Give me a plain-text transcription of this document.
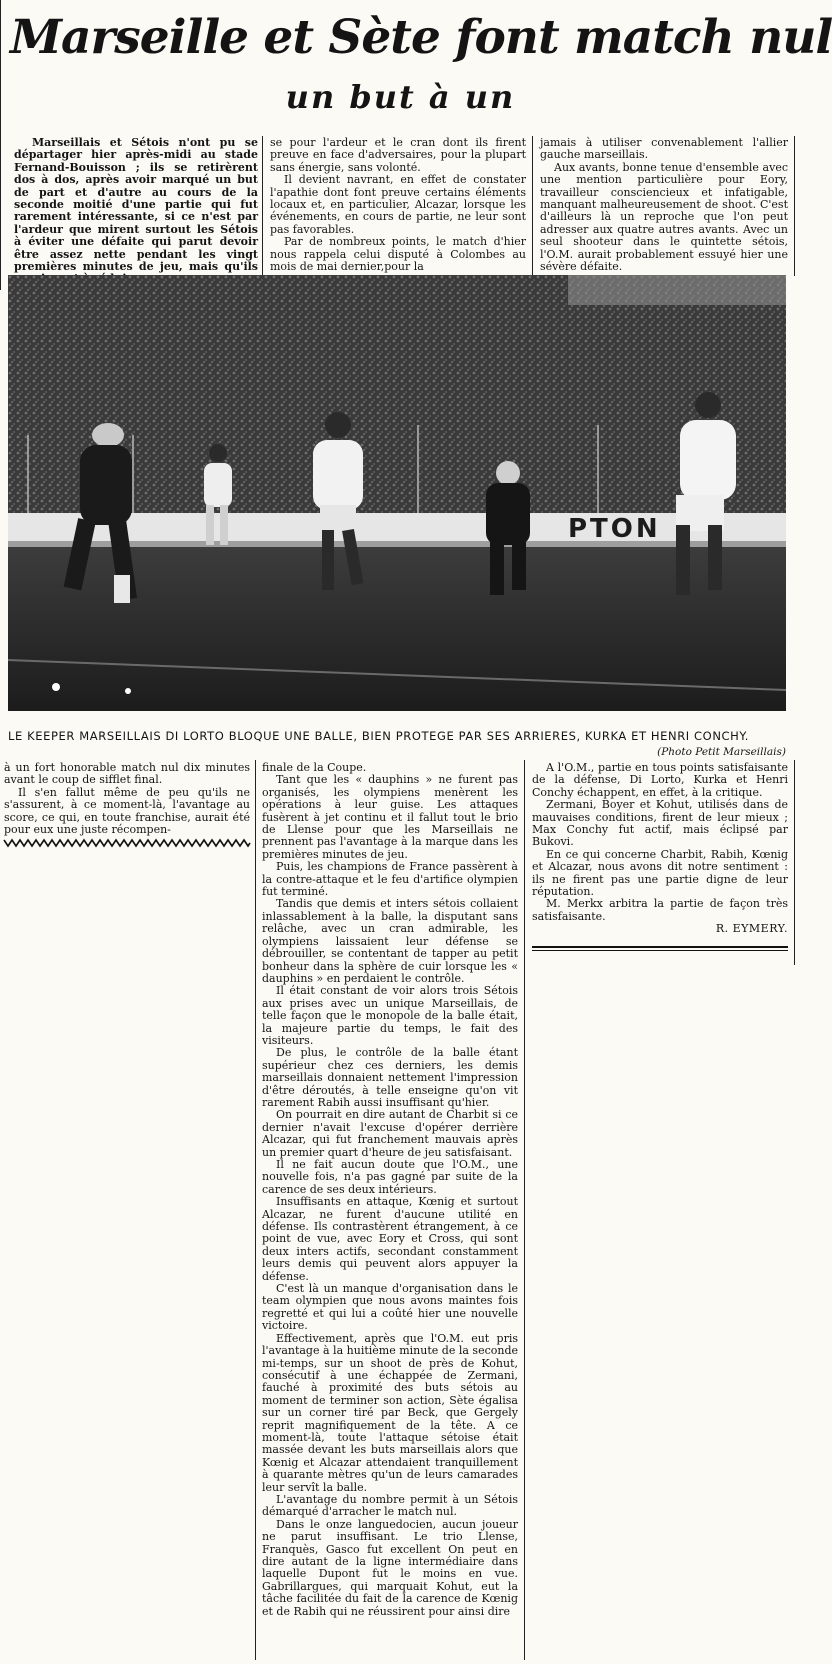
Marseille et Sète font match nul
un but à un

Marseillais et Sétois n'ont pu se départager hier après-midi au stade Fernand-Bouisson ; ils se retirèrent dos à dos, après avoir marqué un but de part et d'autre au cours de la seconde moitié d'une partie qui fut rarement intéressante, si ce n'est par l'ardeur que mirent surtout les Sétois à éviter une défaite qui parut devoir être assez nette pendant les vingt premières minutes de jeu, mais qu'ils

se pour l'ardeur et le cran dont ils firent preuve en face d'adversaires, pour la plupart sans énergie, sans volonté.

Il devient navrant, en effet de constater l'apathie dont font preuve certains éléments locaux et, en particulier, Alcazar, lorsque les événements, en cours de partie, ne leur sont pas favorables.

Par de nombreux points, le match d'hier nous rappela celui disputé à Colombes au mois de mai dernier,pour la

jamais à utiliser convenablement l'allier gauche marseillais.

Aux avants, bonne tenue d'ensemble avec une mention particulière pour Eory, travailleur consciencieux et infatigable, manquant malheureusement de shoot. C'est d'ailleurs là un reproche que l'on peut adresser aux quatre autres avants. Avec un seul shooteur dans le quintette sétois, l'O.M. aurait probablement essuyé hier une sévère défaite.

PTON

LE KEEPER MARSEILLAIS DI LORTO BLOQUE UNE BALLE, BIEN PROTEGE PAR SES ARRIERES, KURKA ET HENRI CONCHY.

(Photo Petit Marseillais)

à un fort honorable match nul dix minutes avant le coup de sifflet final.

Il s'en fallut même de peu qu'ils ne s'assurent, à ce moment-là, l'avantage au score, ce qui, en toute franchise, aurait été pour eux une juste récompen-

finale de la Coupe.

Tant que les « dauphins » ne furent pas organisés, les olympiens menèrent les opérations à leur guise. Les attaques fusèrent à jet continu et il fallut tout le brio de Llense pour que les Marseillais ne prennent pas l'avantage à la marque dans les premières minutes de jeu.

Puis, les champions de France passèrent à la contre-attaque et le feu d'artifice olympien fut terminé.

Tandis que demis et inters sétois collaient inlassablement à la balle, la disputant sans relâche, avec un cran admirable, les olympiens laissaient leur défense se débrouiller, se contentant de tapper au petit bonheur dans la sphère de cuir lorsque les « dauphins » en perdaient le contrôle.

Il était constant de voir alors trois Sétois aux prises avec un unique Marseillais, de telle façon que le monopole de la balle était, la majeure partie du temps, le fait des visiteurs.

De plus, le contrôle de la balle étant supérieur chez ces derniers, les demis marseillais donnaient nettement l'impression d'être déroutés, à telle enseigne qu'on vit rarement Rabih aussi insuffisant qu'hier.

On pourrait en dire autant de Charbit si ce dernier n'avait l'excuse d'opérer derrière Alcazar, qui fut franchement mauvais après un premier quart d'heure de jeu satisfaisant.

Il ne fait aucun doute que l'O.M., une nouvelle fois, n'a pas gagné par suite de la carence de ses deux intérieurs.

Insuffisants en attaque, Kœnig et surtout Alcazar, ne furent d'aucune utilité en défense. Ils contrastèrent étrangement, à ce point de vue, avec Eory et Cross, qui sont deux inters actifs, secondant constamment leurs demis qui peuvent alors appuyer la défense.

C'est là un manque d'organisation dans le team olympien que nous avons maintes fois regretté et qui lui a coûté hier une nouvelle victoire.

Effectivement, après que l'O.M. eut pris l'avantage à la huitième minute de la seconde mi-temps, sur un shoot de près de Kohut, consécutif à une échappée de Zermani, fauché à proximité des buts sétois au moment de terminer son action, Sète égalisa sur un corner tiré par Beck, que Gergely reprit magnifiquement de la tête. A ce moment-là, toute l'attaque sétoise était massée devant les buts marseillais alors que Kœnig et Alcazar attendaient tranquillement à quarante mètres qu'un de leurs camarades leur servît la balle.

L'avantage du nombre permit à un Sétois démarqué d'arracher le match nul.

Dans le onze languedocien, aucun joueur ne parut insuffisant. Le trio Llense, Franquès, Gasco fut excellent On peut en dire autant de la ligne intermédiaire dans laquelle Dupont fut le moins en vue. Gabrillargues, qui marquait Kohut, eut la tâche facilitée du fait de la carence de Kœnig et de Rabih qui ne réussirent pour ainsi dire

A l'O.M., partie en tous points satisfaisante de la défense, Di Lorto, Kurka et Henri Conchy échappent, en effet, à la critique.

Zermani, Boyer et Kohut, utilisés dans de mauvaises conditions, firent de leur mieux ; Max Conchy fut actif, mais éclipsé par Bukovi.

En ce qui concerne Charbit, Rabih, Kœnig et Alcazar, nous avons dit notre sentiment : ils ne firent pas une partie digne de leur réputation.

M. Merkx arbitra la partie de façon très satisfaisante.

R. EYMERY.
